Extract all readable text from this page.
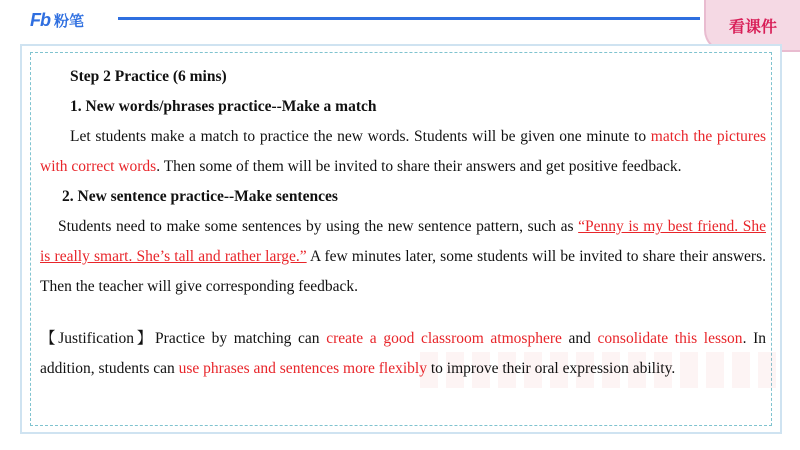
Fb 粉笔	看课件

Step 2 Practice (6 mins)

1. New words/phrases practice--Make a match

Let students make a match to practice the new words. Students will be given one minute to match the pictures with correct words. Then some of them will be invited to share their answers and get positive feedback.

2. New sentence practice--Make sentences

Students need to make some sentences by using the new sentence pattern, such as “Penny is my best friend. She is really smart. She’s tall and rather large.” A few minutes later, some students will be invited to share their answers. Then the teacher will give corresponding feedback.

【Justification】Practice by matching can create a good classroom atmosphere and consolidate this lesson. In addition, students can use phrases and sentences more flexibly to improve their oral expression ability.
